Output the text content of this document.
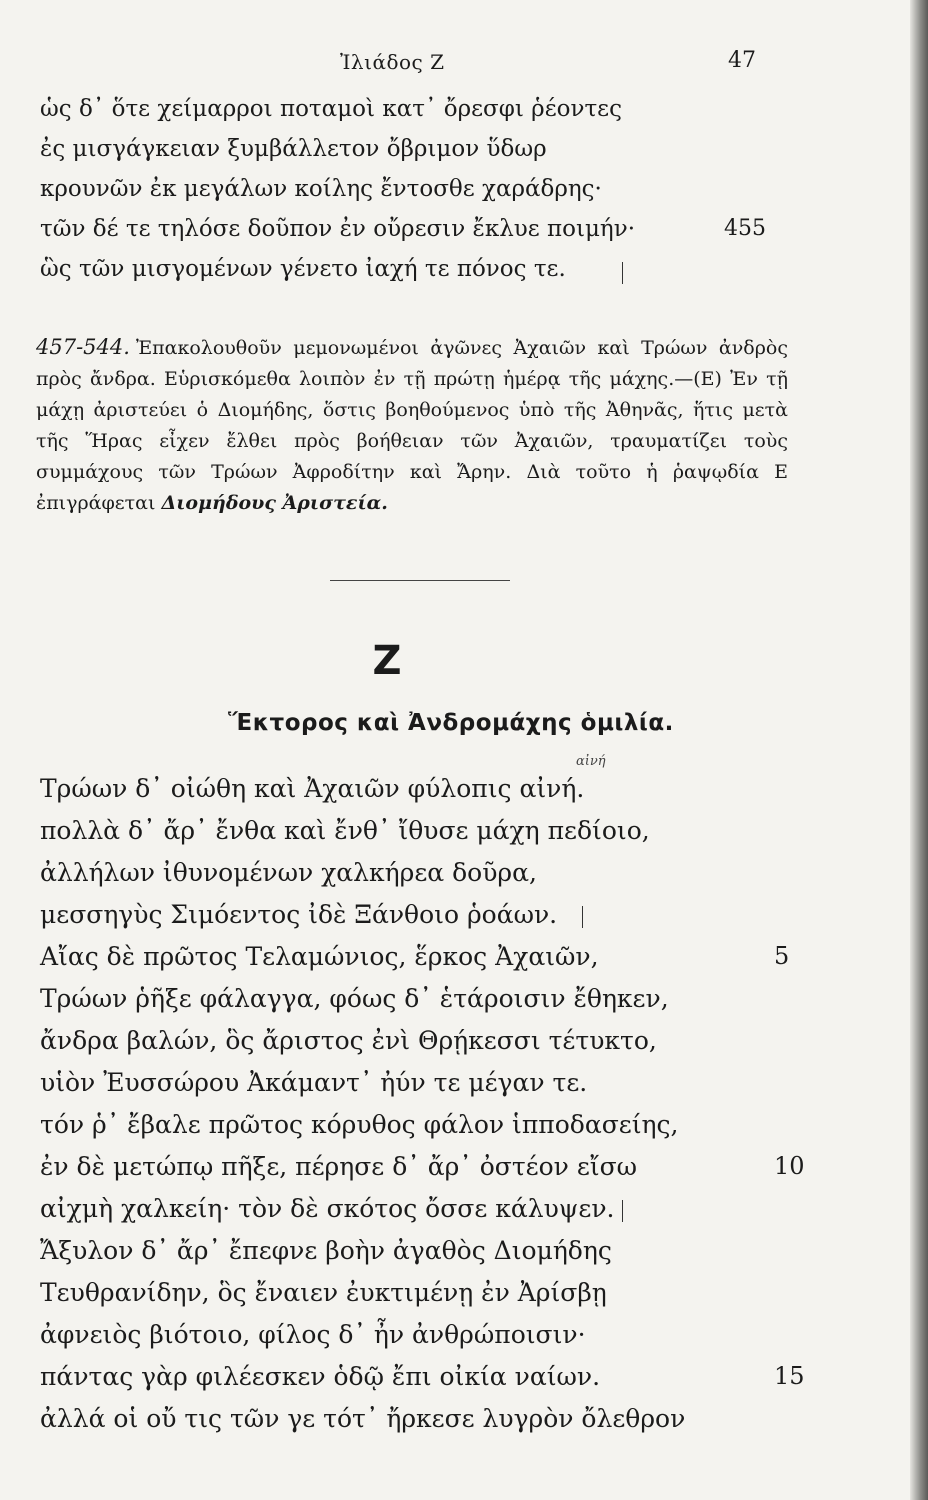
Ἰλιάδος Ζ	47
ὡς δ᾽ ὅτε χείμαρροι ποταμοὶ κατ᾽ ὄρεσφι ῥέοντες
ἐς μισγάγκειαν ξυμβάλλετον ὄβριμον ὕδωρ
κρουνῶν ἐκ μεγάλων κοίλης ἔντοσθε χαράδρης·
τῶν δέ τε τηλόσε δοῦπον ἐν οὔρεσιν ἔκλυε ποιμήν·	455
ὣς τῶν μισγομένων γένετο ἰαχή τε πόνος τε.
457-544. Ἐπακολουθοῦν μεμονωμένοι ἀγῶνες Ἀχαιῶν καὶ Τρώων ἀνδρὸς πρὸς ἄνδρα. Εὑρισκόμεθα λοιπὸν ἐν τῇ πρώτῃ ἡμέρᾳ τῆς μάχης.—(Ε) Ἐν τῇ μάχῃ ἀριστεύει ὁ Διομήδης, ὅστις βοηθούμενος ὑπὸ τῆς Ἀθηνᾶς, ἥτις μετὰ τῆς Ἥρας εἶχεν ἔλθει πρὸς βοήθειαν τῶν Ἀχαιῶν, τραυματίζει τοὺς συμμάχους τῶν Τρώων Ἀφροδίτην καὶ Ἄρην. Διὰ τοῦτο ἡ ῥαψῳδία Ε ἐπιγράφεται Διομήδους Ἀριστεία.
Ζ
Ἕκτορος καὶ Ἀνδρομάχης ὁμιλία.
αἰνή
Τρώων δ᾽ οἰώθη καὶ Ἀχαιῶν φύλοπις αἰνή.
πολλὰ δ᾽ ἄρ᾽ ἔνθα καὶ ἔνθ᾽ ἴθυσε μάχη πεδίοιο,
ἀλλήλων ἰθυνομένων χαλκήρεα δοῦρα,
μεσσηγὺς Σιμόεντος ἰδὲ Ξάνθοιο ῥοάων.
Αἴας δὲ πρῶτος Τελαμώνιος, ἕρκος Ἀχαιῶν,	5
Τρώων ῥῆξε φάλαγγα, φόως δ᾽ ἑτάροισιν ἔθηκεν,
ἄνδρα βαλών, ὃς ἄριστος ἐνὶ Θρῄκεσσι τέτυκτο,
υἱὸν Ἐυσσώρου Ἀκάμαντ᾽ ἠύν τε μέγαν τε.
τόν ῥ᾽ ἔβαλε πρῶτος κόρυθος φάλον ἱπποδασείης,
ἐν δὲ μετώπῳ πῆξε, πέρησε δ᾽ ἄρ᾽ ὀστέον εἴσω	10
αἰχμὴ χαλκείη· τὸν δὲ σκότος ὄσσε κάλυψεν.
Ἄξυλον δ᾽ ἄρ᾽ ἔπεφνε βοὴν ἀγαθὸς Διομήδης
Τευθρανίδην, ὃς ἔναιεν ἐυκτιμένῃ ἐν Ἀρίσβῃ
ἀφνειὸς βιότοιο, φίλος δ᾽ ἦν ἀνθρώποισιν·
πάντας γὰρ φιλέεσκεν ὁδῷ ἔπι οἰκία ναίων.	15
ἀλλά οἱ οὔ τις τῶν γε τότ᾽ ἤρκεσε λυγρὸν ὄλεθρον
